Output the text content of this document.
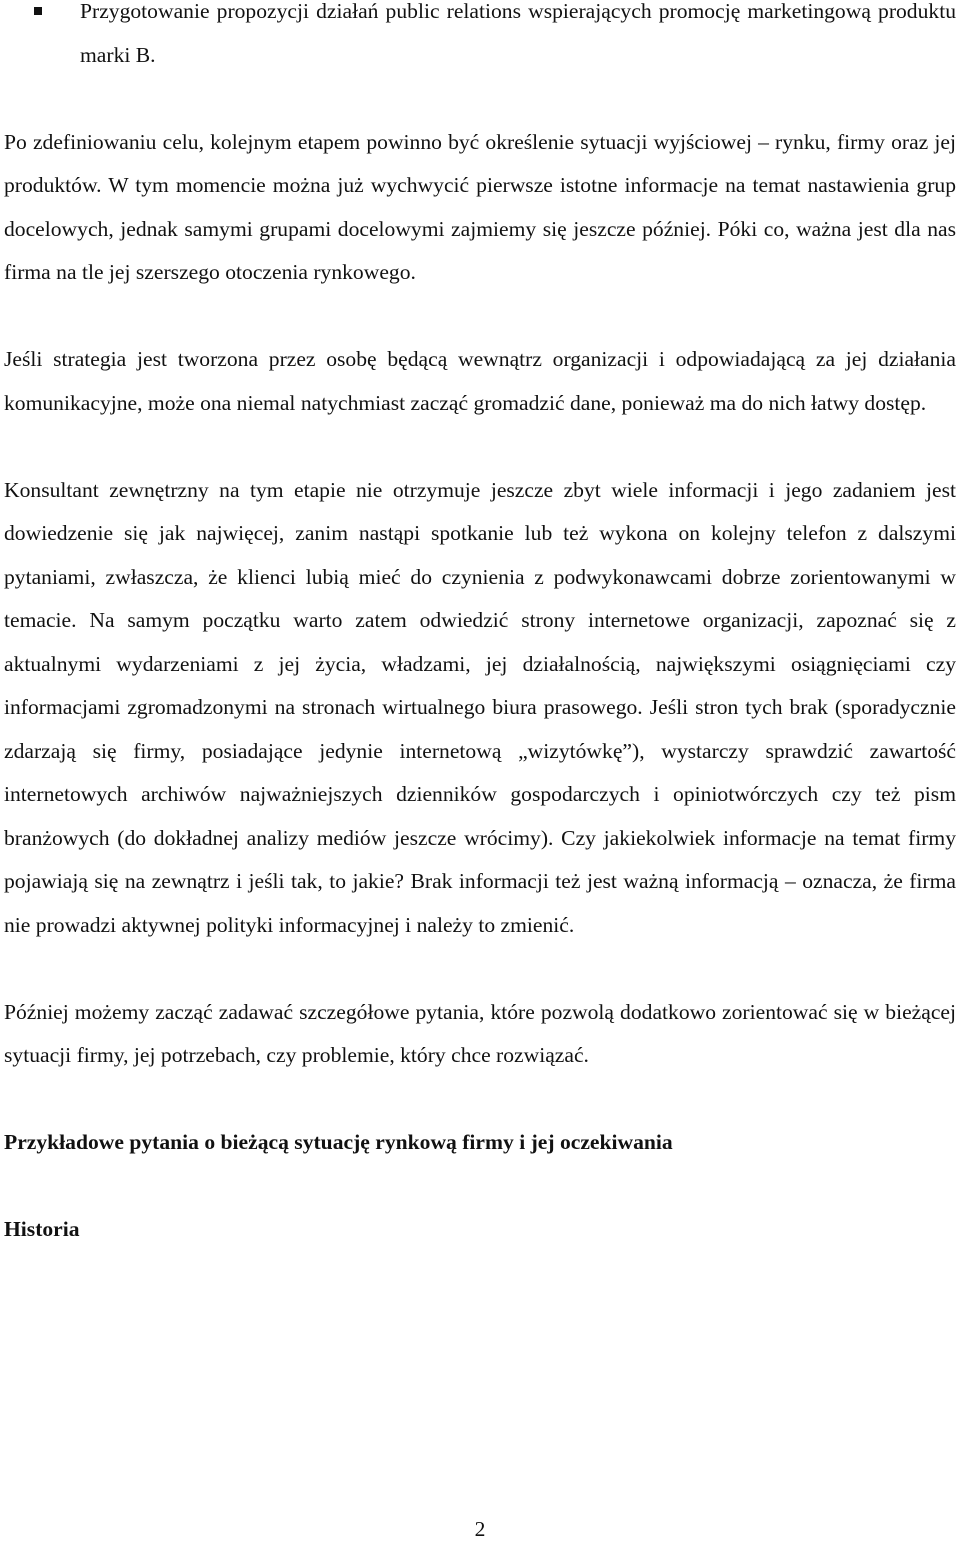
Przygotowanie propozycji działań public relations wspierających promocję marketingową produktu marki B.

Po zdefiniowaniu celu, kolejnym etapem powinno być określenie sytuacji wyjściowej – rynku, firmy oraz jej produktów. W tym momencie można już wychwycić pierwsze istotne informacje na temat nastawienia grup docelowych, jednak samymi grupami docelowymi zajmiemy się jeszcze później. Póki co, ważna jest dla nas firma na tle jej szerszego otoczenia rynkowego.

Jeśli strategia jest tworzona przez osobę będącą wewnątrz organizacji i odpowiadającą za jej działania komunikacyjne, może ona niemal natychmiast zacząć gromadzić dane, ponieważ ma do nich łatwy dostęp.

Konsultant zewnętrzny na tym etapie nie otrzymuje jeszcze zbyt wiele informacji i jego zadaniem jest dowiedzenie się jak najwięcej, zanim nastąpi spotkanie lub też wykona on kolejny telefon z dalszymi pytaniami, zwłaszcza, że klienci lubią mieć do czynienia z podwykonawcami dobrze zorientowanymi w temacie. Na samym początku warto zatem odwiedzić strony internetowe organizacji, zapoznać się z aktualnymi wydarzeniami z jej życia, władzami, jej działalnością, największymi osiągnięciami czy informacjami zgromadzonymi na stronach wirtualnego biura prasowego. Jeśli stron tych brak (sporadycznie zdarzają się firmy, posiadające jedynie internetową „wizytówkę”), wystarczy sprawdzić zawartość internetowych archiwów najważniejszych dzienników gospodarczych i opiniotwórczych czy też pism branżowych (do dokładnej analizy mediów jeszcze wrócimy). Czy jakiekolwiek informacje na temat firmy pojawiają się na zewnątrz i jeśli tak, to jakie? Brak informacji też jest ważną informacją – oznacza, że firma nie prowadzi aktywnej polityki informacyjnej i należy to zmienić.

Później możemy zacząć zadawać szczegółowe pytania, które pozwolą dodatkowo zorientować się w bieżącej sytuacji firmy, jej potrzebach, czy problemie, który chce rozwiązać.

Przykładowe pytania o bieżącą sytuację rynkową firmy i jej oczekiwania

Historia

2
